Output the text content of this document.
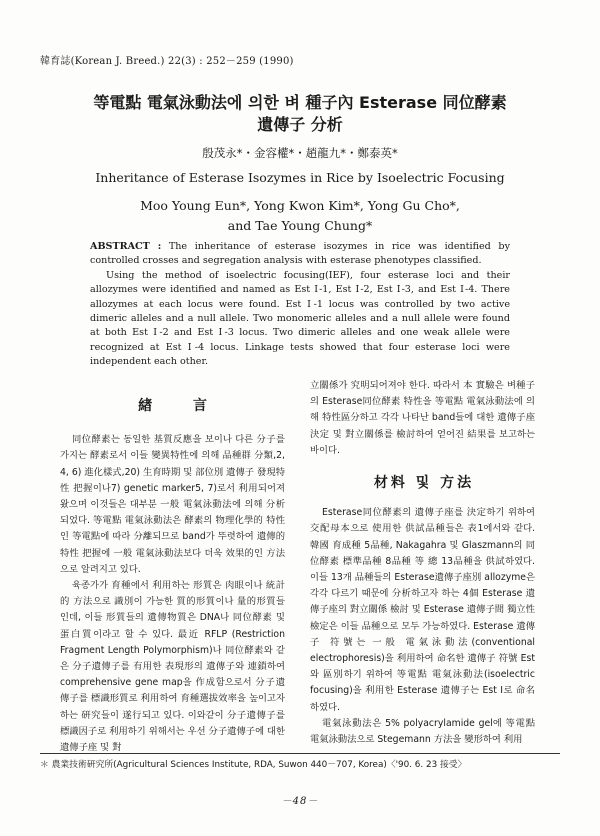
韓育誌(Korean J. Breed.) 22(3) : 252－259 (1990)
等電點 電氣泳動法에 의한 벼 種子內 Esterase 同位酵素
遺傳子 分析
殷茂永*・金容權*・趙龍九*・鄭泰英*
Inheritance of Esterase Isozymes in Rice by Isoelectric Focusing
Moo Young Eun*, Yong Kwon Kim*, Yong Gu Cho*,
and Tae Young Chung*

ABSTRACT : The inheritance of esterase isozymes in rice was identified by controlled crosses and segregation analysis with esterase phenotypes classified.

Using the method of isoelectric focusing(IEF), four esterase loci and their allozymes were identified and named as Est Ⅰ-1, Est Ⅰ-2, Est Ⅰ-3, and Est Ⅰ-4. There allozymes at each locus were found. Est Ⅰ-1 locus was controlled by two active dimeric alleles and a null allele. Two monomeric alleles and a null allele were found at both Est Ⅰ-2 and Est Ⅰ-3 locus. Two dimeric alleles and one weak allele were recognized at Est Ⅰ-4 locus. Linkage tests showed that four esterase loci were independent each other.

緖 言

同位酵素는 동일한 基質反應을 보이나 다른 分子를 가지는 酵素로서 이들 變異特性에 의해 品種群 分類,2, 4, 6) 進化樣式,20) 生育時期 및 部位別 遺傳子 發現特性 把握이나7) genetic marker5, 7)로서 利用되어져 왔으며 이것들은 대부분 一般 電氣泳動法에 의해 分析되었다. 等電點 電氣泳動法은 酵素의 物理化學的 特性인 等電點에 따라 分離되므로 band가 뚜렷하여 遺傳的 特性 把握에 一般 電氣泳動法보다 더욱 效果的인 方法으로 알려지고 있다.

육종가가 育種에서 利用하는 形質은 肉眼이나 統計的 方法으로 識別이 가능한 質的形質이나 量的形質들인데, 이들 形質들의 遺傳物質은 DNA나 同位酵素 및 蛋白質이라고 할 수 있다. 最近 RFLP (Restriction Fragment Length Polymorphism)나 同位酵素와 같은 分子遺傳子를 有用한 表現形의 遺傳子와 連鎖하여 comprehensive gene map을 作成함으로서 分子遺傳子를 標識形質로 利用하여 育種選拔效率을 높이고자 하는 硏究들이 遂行되고 있다. 이와같이 分子遺傳子를 標識因子로 利用하기 위해서는 우선 分子遺傳子에 대한 遺傳子座 및 對

立關係가 究明되어져야 한다. 따라서 本 實驗은 벼種子의 Esterase同位酵素 特性을 等電點 電氣泳動法에 의해 特性區分하고 각각 나타난 band들에 대한 遺傳子座 決定 및 對立關係를 檢討하여 얻어진 結果를 보고하는 바이다.

材料 및 方法

Esterase同位酵素의 遺傳子座를 決定하기 위하여 交配母本으로 使用한 供試品種들은 表1에서와 같다. 韓國 育成種 5品種, Nakagahra 및 Glaszmann의 同位酵素 標準品種 8品種 等 總 13品種을 供試하였다. 이들 13개 品種들의 Esterase遺傳子座別 allozyme은 각각 다르기 때문에 分析하고자 하는 4個 Esterase 遺傳子座의 對立關係 檢討 및 Esterase 遺傳子間 獨立性 檢定은 이들 品種으로 모두 가능하였다. Esterase 遺傳子 符號는 一般 電氣泳動法(conventional electrophoresis)을 利用하여 命名한 遺傳子 符號 Est와 區別하기 위하여 等電點 電氣泳動法(isoelectric focusing)을 利用한 Esterase 遺傳子는 Est Ⅰ로 命名하였다.

電氣泳動法은 5% polyacrylamide gel에 等電點 電氣泳動法으로 Stegemann 方法을 變形하여 利用

＊ 農業技術硏究所(Agricultural Sciences Institute, RDA, Suwon 440－707, Korea)〈'90. 6. 23 接受〉
－48－
